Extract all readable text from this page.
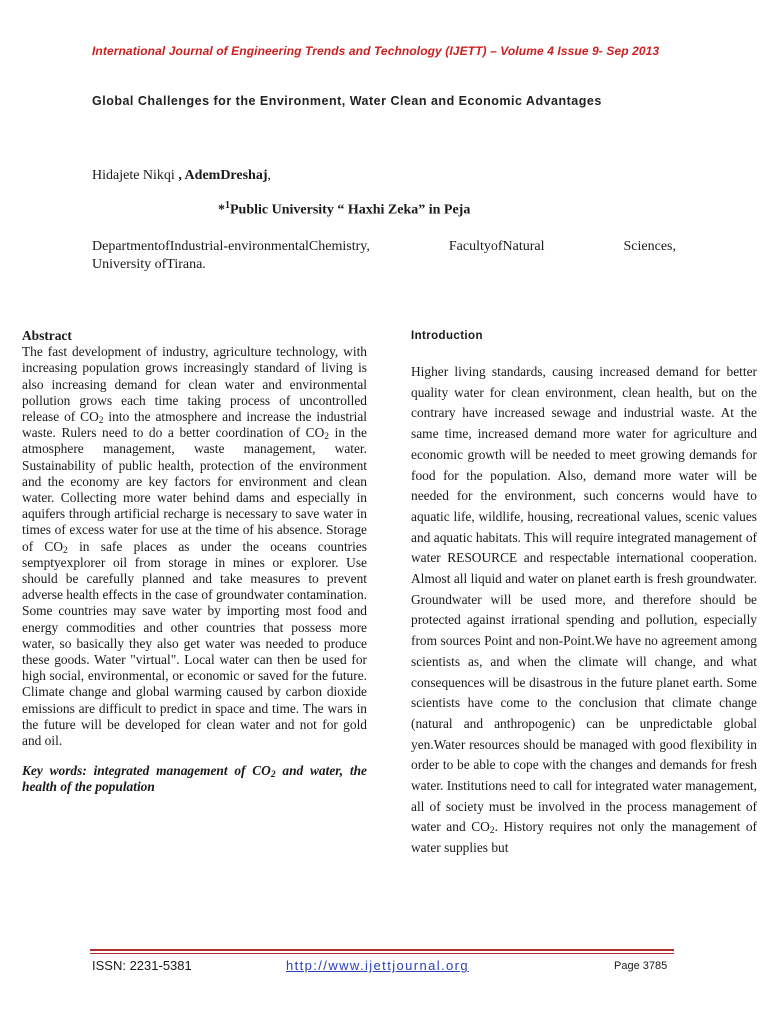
International Journal of Engineering Trends and Technology (IJETT) – Volume 4 Issue 9- Sep 2013
Global Challenges for the Environment, Water Clean and Economic Advantages
Hidajete Nikqi , AdemDreshaj,
*$^1$Public University “ Haxhi Zeka” in Peja
DepartmentofIndustrial-environmentalChemistry,	FacultyofNatural	Sciences,
University ofTirana.
Abstract

The fast development of industry, agriculture technology, with increasing population grows increasingly standard of living is also increasing demand for clean water and environmental pollution grows each time taking process of uncontrolled release of $CO_2$ into the atmosphere and increase the industrial waste. Rulers need to do a better coordination of $CO_2$ in the atmosphere management, waste management, water. Sustainability of public health, protection of the environment and the economy are key factors for environment and clean water. Collecting more water behind dams and especially in aquifers through artificial recharge is necessary to save water in times of excess water for use at the time of his absence. Storage of $CO_2$ in safe places as under the oceans countries semptyexplorer oil from storage in mines or explorer. Use should be carefully planned and take measures to prevent adverse health effects in the case of groundwater contamination. Some countries may save water by importing most food and energy commodities and other countries that possess more water, so basically they also get water was needed to produce these goods. Water "virtual". Local water can then be used for high social, environmental, or economic or saved for the future. Climate change and global warming caused by carbon dioxide emissions are difficult to predict in space and time. The wars in the future will be developed for clean water and not for gold and oil.

Key words: integrated management of $CO_2$ and water, the health of the population
Introduction

Higher living standards, causing increased demand for better quality water for clean environment, clean health, but on the contrary have increased sewage and industrial waste. At the same time, increased demand more water for agriculture and economic growth will be needed to meet growing demands for food for the population. Also, demand more water will be needed for the environment, such concerns would have to aquatic life, wildlife, housing, recreational values, scenic values and aquatic habitats. This will require integrated management of water RESOURCE and respectable international cooperation. Almost all liquid and water on planet earth is fresh groundwater. Groundwater will be used more, and therefore should be protected against irrational spending and pollution, especially from sources Point and non-Point.We have no agreement among scientists as, and when the climate will change, and what consequences will be disastrous in the future planet earth. Some scientists have come to the conclusion that climate change (natural and anthropogenic) can be unpredictable global yen.Water resources should be managed with good flexibility in order to be able to cope with the changes and demands for fresh water. Institutions need to call for integrated water management, all of society must be involved in the process management of water and $CO_2$. History requires not only the management of water supplies but

ISSN: 2231-5381	http://www.ijettjournal.org	Page 3785
